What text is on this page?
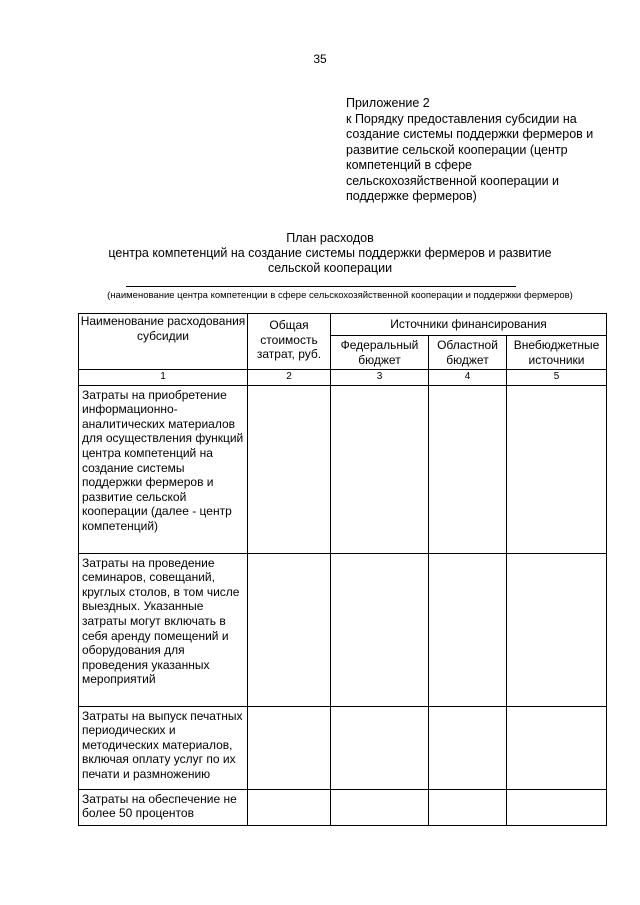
35
Приложение 2
к Порядку предоставления субсидии на
создание системы поддержки фермеров и
развитие сельской кооперации (центр
компетенций в сфере
сельскохозяйственной кооперации и
поддержке фермеров)
План расходов
центра компетенций на создание системы поддержки фермеров и развитие
сельской кооперации
(наименование центра компетенции в сфере сельскохозяйственной кооперации и поддержки фермеров)
Наименование расходования субсидии	Общая стоимость затрат, руб.	Источники финансирования		
		Федеральный бюджет	Областной бюджет	Внебюджетные источники
1	2	3	4	5
Затраты на приобретение информационно-аналитических материалов для осуществления функций центра компетенций на создание системы поддержки фермеров и развитие сельской кооперации (далее - центр компетенций)				
Затраты на проведение семинаров, совещаний, круглых столов, в том числе выездных. Указанные затраты могут включать в себя аренду помещений и оборудования для проведения указанных мероприятий				
Затраты на выпуск печатных периодических и методических материалов, включая оплату услуг по их печати и размножению				
Затраты на обеспечение не более 50 процентов				
